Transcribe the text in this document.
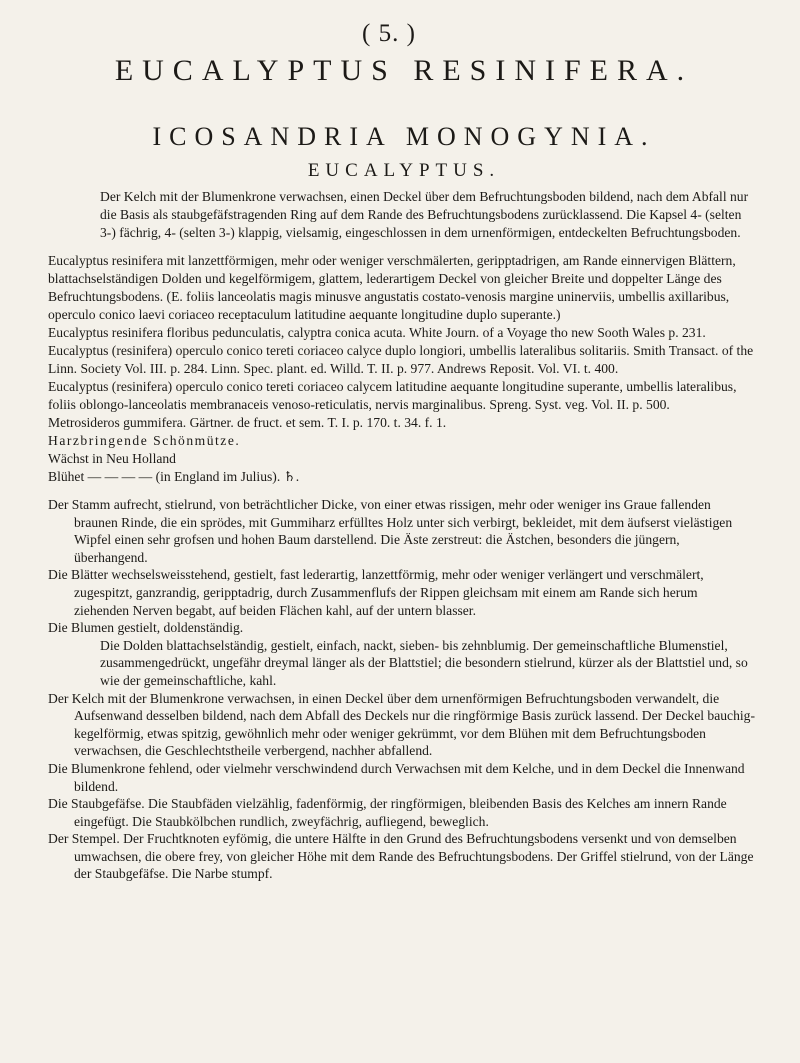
( 5. )
EUCALYPTUS RESINIFERA.
ICOSANDRIA MONOGYNIA.
EUCALYPTUS.

Der Kelch mit der Blumenkrone verwachsen, einen Deckel über dem Befruchtungsboden bildend, nach dem Abfall nur die Basis als staubgefäfstragenden Ring auf dem Rande des Befruchtungsbodens zurücklassend. Die Kapsel 4- (selten 3-) fächrig, 4- (selten 3-) klappig, vielsamig, eingeschlossen in dem urnenförmigen, entdeckelten Befruchtungsboden.

Eucalyptus resinifera mit lanzettförmigen, mehr oder weniger verschmälerten, geripptadrigen, am Rande einnervigen Blättern, blattachselständigen Dolden und kegelförmigem, glattem, lederartigem Deckel von gleicher Breite und doppelter Länge des Befruchtungsbodens. (E. foliis lanceolatis magis minusve angustatis costato-venosis margine uninerviis, umbellis axillaribus, operculo conico laevi coriaceo receptaculum latitudine aequante longitudine duplo superante.)

Eucalyptus resinifera floribus pedunculatis, calyptra conica acuta. White Journ. of a Voyage tho new Sooth Wales p. 231.

Eucalyptus (resinifera) operculo conico tereti coriaceo calyce duplo longiori, umbellis lateralibus solitariis. Smith Transact. of the Linn. Society Vol. III. p. 284. Linn. Spec. plant. ed. Willd. T. II. p. 977. Andrews Reposit. Vol. VI. t. 400.

Eucalyptus (resinifera) operculo conico tereti coriaceo calycem latitudine aequante longitudine superante, umbellis lateralibus, foliis oblongo-lanceolatis membranaceis venoso-reticulatis, nervis marginalibus. Spreng. Syst. veg. Vol. II. p. 500.

Metrosideros gummifera. Gärtner. de fruct. et sem. T. I. p. 170. t. 34. f. 1.

Harzbringende Schönmütze.

Wächst in Neu Holland

Blühet — — — — (in England im Julius). ♄.

Der Stamm aufrecht, stielrund, von beträchtlicher Dicke, von einer etwas rissigen, mehr oder weniger ins Graue fallenden braunen Rinde, die ein sprödes, mit Gummiharz erfülltes Holz unter sich verbirgt, bekleidet, mit dem äufserst vielästigen Wipfel einen sehr grofsen und hohen Baum darstellend. Die Äste zerstreut: die Ästchen, besonders die jüngern, überhangend.

Die Blätter wechselsweisstehend, gestielt, fast lederartig, lanzettförmig, mehr oder weniger verlängert und verschmälert, zugespitzt, ganzrandig, geripptadrig, durch Zusammenflufs der Rippen gleichsam mit einem am Rande sich herum ziehenden Nerven begabt, auf beiden Flächen kahl, auf der untern blasser.

Die Blumen gestielt, doldenständig.

Die Dolden blattachselständig, gestielt, einfach, nackt, sieben- bis zehnblumig. Der gemeinschaftliche Blumenstiel, zusammengedrückt, ungefähr dreymal länger als der Blattstiel; die besondern stielrund, kürzer als der Blattstiel und, so wie der gemeinschaftliche, kahl.

Der Kelch mit der Blumenkrone verwachsen, in einen Deckel über dem urnenförmigen Befruchtungsboden verwandelt, die Aufsenwand desselben bildend, nach dem Abfall des Deckels nur die ringförmige Basis zurück lassend. Der Deckel bauchig-kegelförmig, etwas spitzig, gewöhnlich mehr oder weniger gekrümmt, vor dem Blühen mit dem Befruchtungsboden verwachsen, die Geschlechtstheile verbergend, nachher abfallend.

Die Blumenkrone fehlend, oder vielmehr verschwindend durch Verwachsen mit dem Kelche, und in dem Deckel die Innenwand bildend.

Die Staubgefäfse. Die Staubfäden vielzählig, fadenförmig, der ringförmigen, bleibenden Basis des Kelches am innern Rande eingefügt. Die Staubkölbchen rundlich, zweyfächrig, aufliegend, beweglich.

Der Stempel. Der Fruchtknoten eyfömig, die untere Hälfte in den Grund des Befruchtungsbodens versenkt und von demselben umwachsen, die obere frey, von gleicher Höhe mit dem Rande des Befruchtungsbodens. Der Griffel stielrund, von der Länge der Staubgefäfse. Die Narbe stumpf.
